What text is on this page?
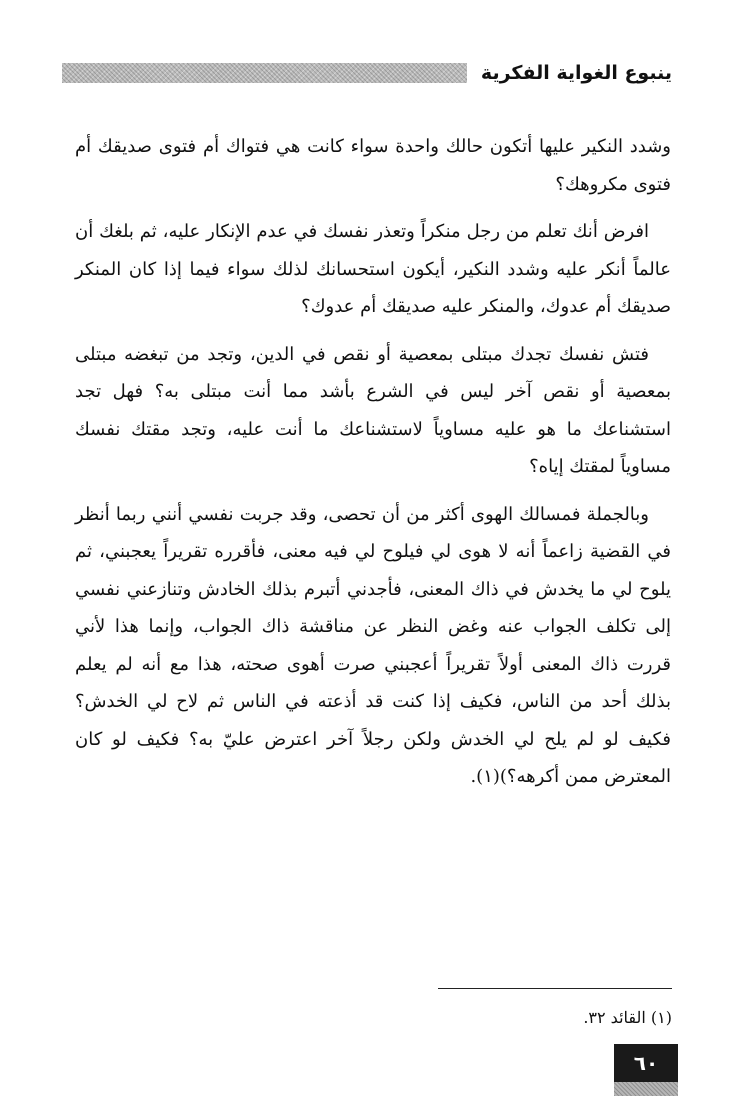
ينبوع الغواية الفكرية

وشدد النكير عليها أتكون حالك واحدة سواء كانت هي فتواك أم فتوى صديقك أم فتوى مكروهك؟

افرض أنك تعلم من رجل منكراً وتعذر نفسك في عدم الإنكار عليه، ثم بلغك أن عالماً أنكر عليه وشدد النكير، أيكون استحسانك لذلك سواء فيما إذا كان المنكر صديقك أم عدوك، والمنكر عليه صديقك أم عدوك؟

فتش نفسك تجدك مبتلى بمعصية أو نقص في الدين، وتجد من تبغضه مبتلى بمعصية أو نقص آخر ليس في الشرع بأشد مما أنت مبتلى به؟ فهل تجد استشناعك ما هو عليه مساوياً لاستشناعك ما أنت عليه، وتجد مقتك نفسك مساوياً لمقتك إياه؟

وبالجملة فمسالك الهوى أكثر من أن تحصى، وقد جربت نفسي أنني ربما أنظر في القضية زاعماً أنه لا هوى لي فيلوح لي فيه معنى، فأقرره تقريراً يعجبني، ثم يلوح لي ما يخدش في ذاك المعنى، فأجدني أتبرم بذلك الخادش وتنازعني نفسي إلى تكلف الجواب عنه وغض النظر عن مناقشة ذاك الجواب، وإنما هذا لأني قررت ذاك المعنى أولاً تقريراً أعجبني صرت أهوى صحته، هذا مع أنه لم يعلم بذلك أحد من الناس، فكيف إذا كنت قد أذعته في الناس ثم لاح لي الخدش؟ فكيف لو لم يلح لي الخدش ولكن رجلاً آخر اعترض عليّ به؟ فكيف لو كان المعترض ممن أكرهه؟)(١).

(١) القائد ٣٢.
٦٠
